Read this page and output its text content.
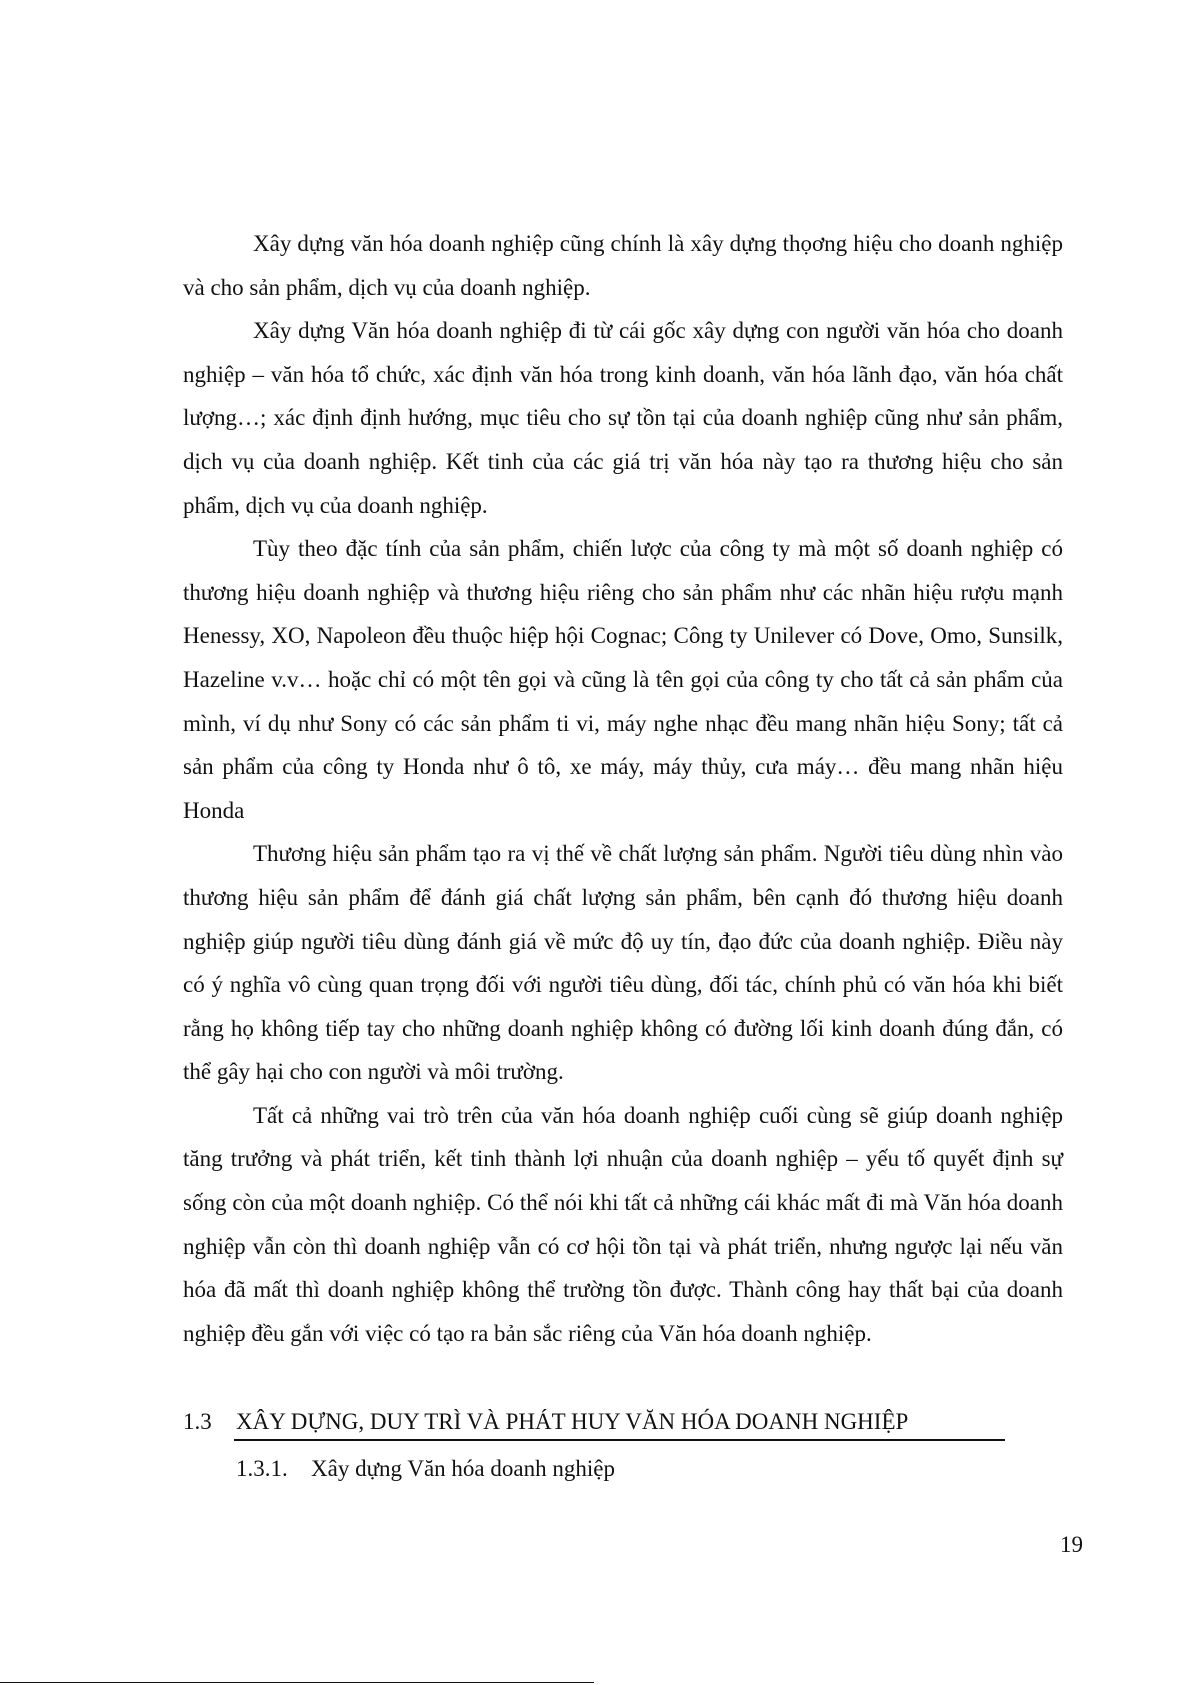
Xây dựng văn hóa doanh nghiệp cũng chính là xây dựng thọơng hiệu cho doanh nghiệp và cho sản phẩm, dịch vụ của doanh nghiệp.

Xây dựng Văn hóa doanh nghiệp đi từ cái gốc xây dựng con người văn hóa cho doanh nghiệp – văn hóa tổ chức, xác định văn hóa trong kinh doanh, văn hóa lãnh đạo, văn hóa chất lượng…; xác định định hướng, mục tiêu cho sự tồn tại của doanh nghiệp cũng như sản phẩm, dịch vụ của doanh nghiệp. Kết tinh của các giá trị văn hóa này tạo ra thương hiệu cho sản phẩm, dịch vụ của doanh nghiệp.

Tùy theo đặc tính của sản phẩm, chiến lược của công ty mà một số doanh nghiệp có thương hiệu doanh nghiệp và thương hiệu riêng cho sản phẩm như các nhãn hiệu rượu mạnh Henessy, XO, Napoleon đều thuộc hiệp hội Cognac; Công ty Unilever có Dove, Omo, Sunsilk, Hazeline v.v… hoặc chỉ có một tên gọi và cũng là tên gọi của công ty cho tất cả sản phẩm của mình, ví dụ như Sony có các sản phẩm ti vi, máy nghe nhạc đều mang nhãn hiệu Sony; tất cả sản phẩm của công ty Honda như ô tô, xe máy, máy thủy, cưa máy… đều mang nhãn hiệu Honda

Thương hiệu sản phẩm tạo ra vị thế về chất lượng sản phẩm. Người tiêu dùng nhìn vào thương hiệu sản phẩm để đánh giá chất lượng sản phẩm, bên cạnh đó thương hiệu doanh nghiệp giúp người tiêu dùng đánh giá về mức độ uy tín, đạo đức của doanh nghiệp. Điều này có ý nghĩa vô cùng quan trọng đối với người tiêu dùng, đối tác, chính phủ có văn hóa khi biết rằng họ không tiếp tay cho những doanh nghiệp không có đường lối kinh doanh đúng đắn, có thể gây hại cho con người và môi trường.

Tất cả những vai trò trên của văn hóa doanh nghiệp cuối cùng sẽ giúp doanh nghiệp tăng trưởng và phát triển, kết tinh thành lợi nhuận của doanh nghiệp – yếu tố quyết định sự sống còn của một doanh nghiệp. Có thể nói khi tất cả những cái khác mất đi mà Văn hóa doanh nghiệp vẫn còn thì doanh nghiệp vẫn có cơ hội tồn tại và phát triển, nhưng ngược lại nếu văn hóa đã mất thì doanh nghiệp không thể trường tồn được. Thành công hay thất bại của doanh nghiệp đều gắn với việc có tạo ra bản sắc riêng của Văn hóa doanh nghiệp.

1.3 XÂY DỰNG, DUY TRÌ VÀ PHÁT HUY VĂN HÓA DOANH NGHIỆP
1.3.1. Xây dựng Văn hóa doanh nghiệp
19
